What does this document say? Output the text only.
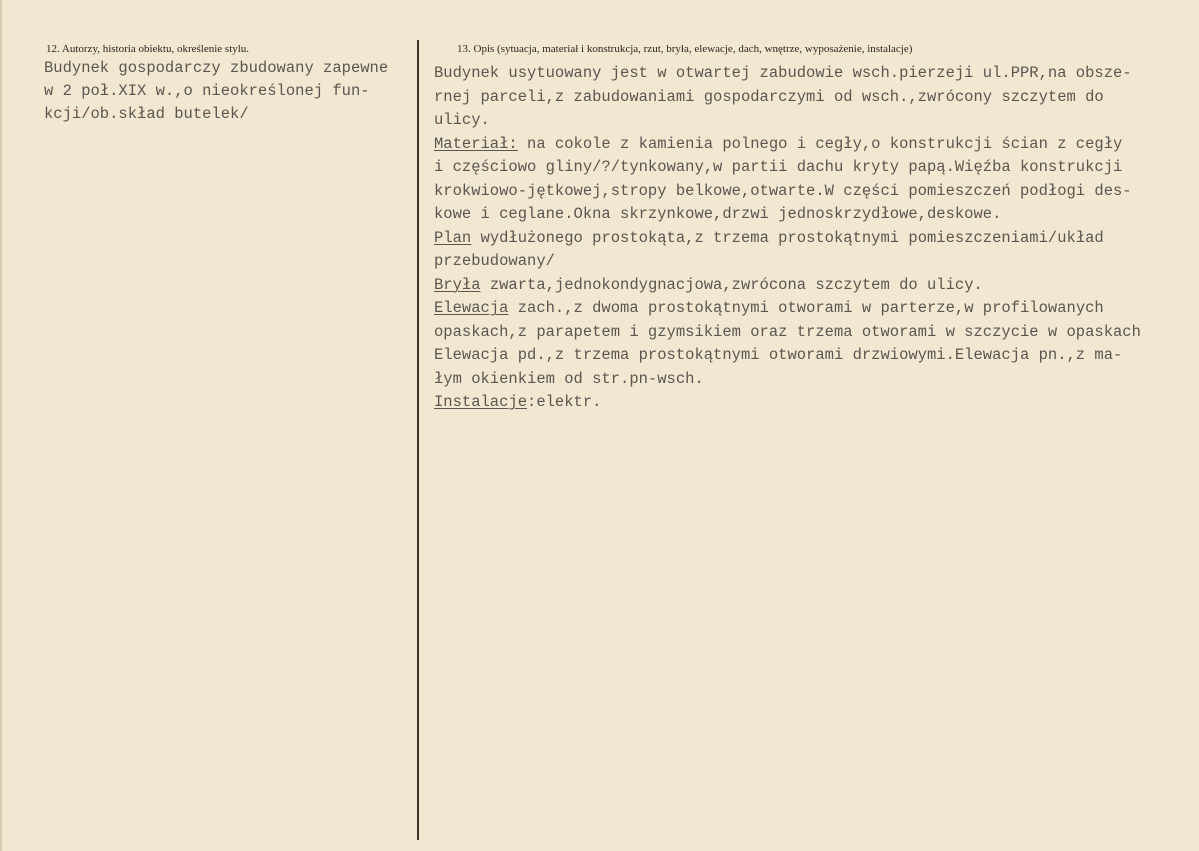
12. Autorzy, historia obiektu, określenie stylu.	13. Opis (sytuacja, materiał i konstrukcja, rzut, bryła, elewacje, dach, wnętrze, wyposażenie, instalacje)
Budynek gospodarczy zbudowany zapewne
w 2 poł.XIX w.,o nieokreślonej fun-
kcji/ob.skład butelek/
Budynek usytuowany jest w otwartej zabudowie wsch.pierzeji ul.PPR,na obsze-
rnej parceli,z zabudowaniami gospodarczymi od wsch.,zwrócony szczytem do
ulicy.
Materiał: na cokole z kamienia polnego i cegły,o konstrukcji ścian z cegły
i częściowo gliny/?/tynkowany,w partii dachu kryty papą.Więźba konstrukcji
krokwiowo-jętkowej,stropy belkowe,otwarte.W części pomieszczeń podłogi des-
kowe i ceglane.Okna skrzynkowe,drzwi jednoskrzydłowe,deskowe.
Plan wydłużonego prostokąta,z trzema prostokątnymi pomieszczeniami/układ
przebudowany/
Bryła zwarta,jednokondygnacjowa,zwrócona szczytem do ulicy.
Elewacja zach.,z dwoma prostokątnymi otworami w parterze,w profilowanych
opaskach,z parapetem i gzymsikiem oraz trzema otworami w szczycie w opaskach
Elewacja pd.,z trzema prostokątnymi otworami drzwiowymi.Elewacja pn.,z ma-
łym okienkiem od str.pn-wsch.
Instalacje:elektr.
